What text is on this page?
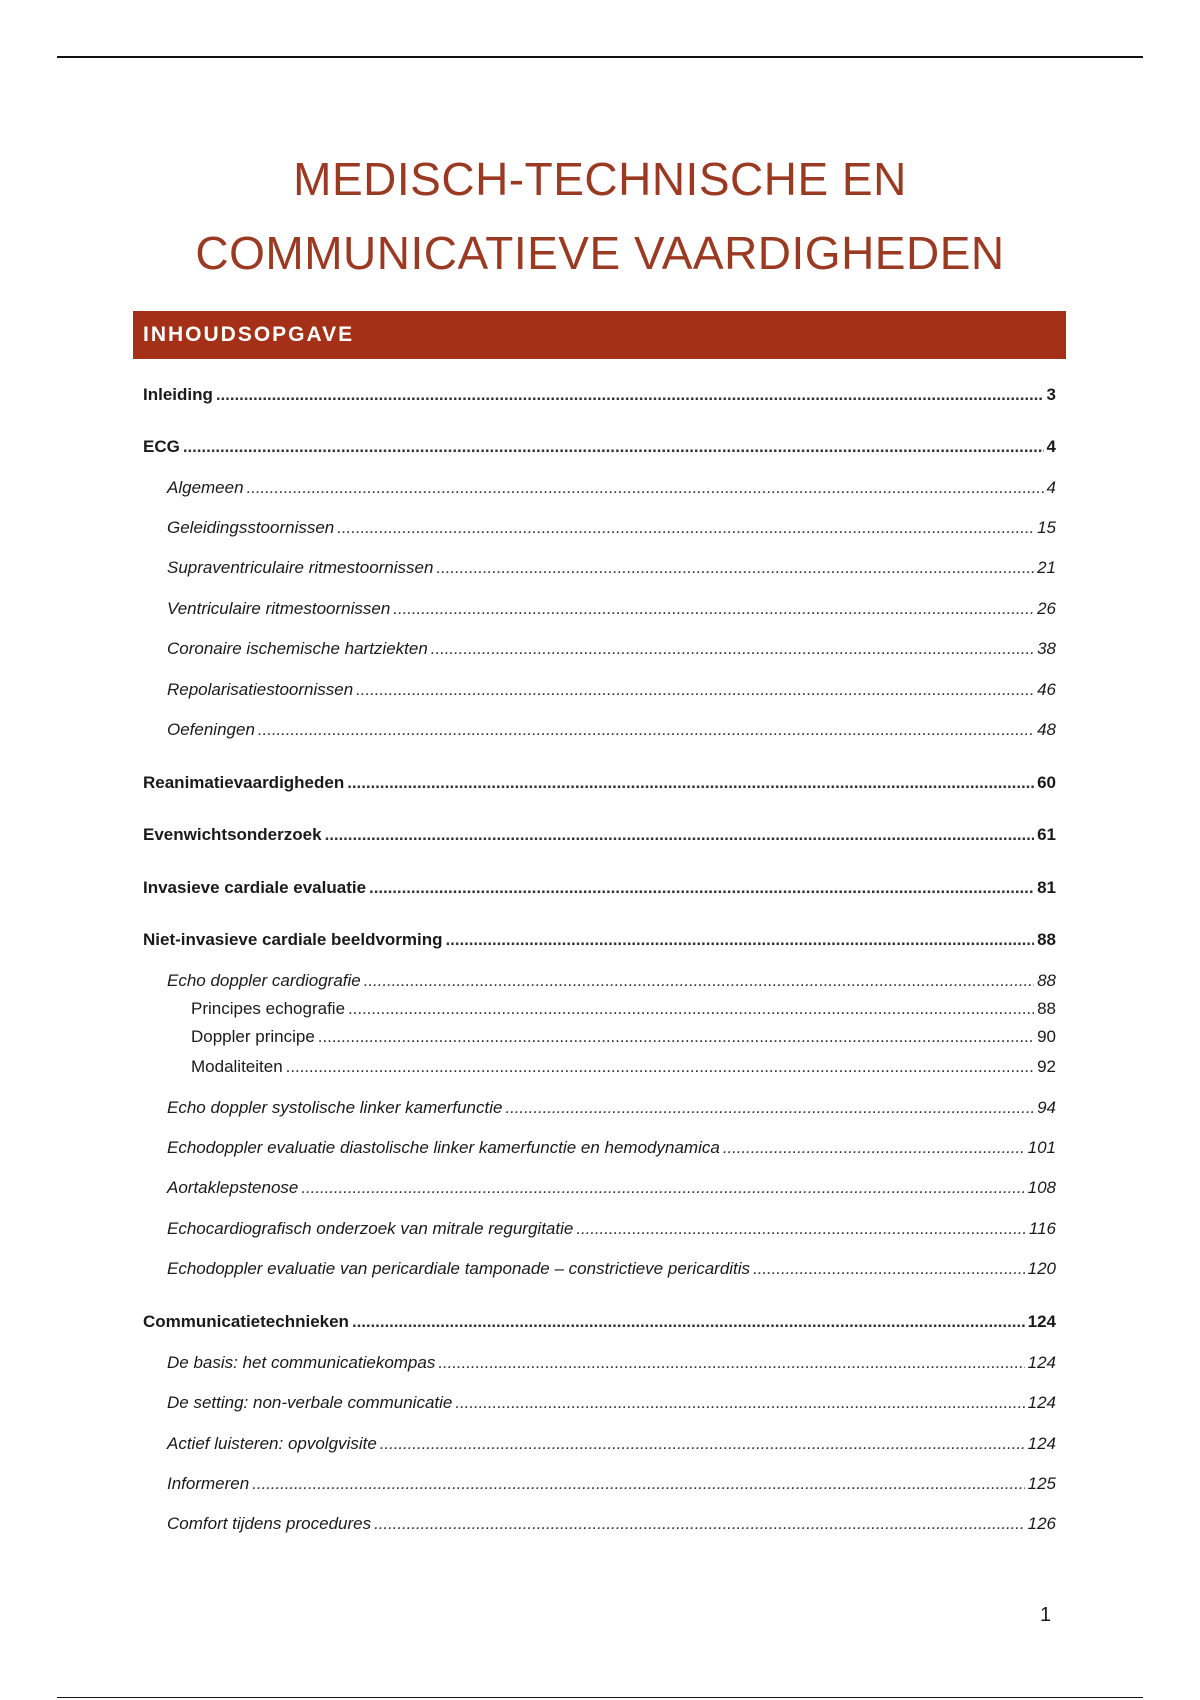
MEDISCH-TECHNISCHE EN
COMMUNICATIEVE VAARDIGHEDEN
INHOUDSOPGAVE
Inleiding . . .	3
ECG . . .	4
Algemeen . . .	4
Geleidingsstoornissen . . .	15
Supraventriculaire ritmestoornissen . . .	21
Ventriculaire ritmestoornissen . . .	26
Coronaire ischemische hartziekten . . .	38
Repolarisatiestoornissen . . .	46
Oefeningen . . .	48
Reanimatievaardigheden . . .	60
Evenwichtsonderzoek . . .	61
Invasieve cardiale evaluatie . . .	81
Niet-invasieve cardiale beeldvorming . . .	88
Echo doppler cardiografie . . .	88
Principes echografie . . .	88
Doppler principe . . .	90
Modaliteiten . . .	92
Echo doppler systolische linker kamerfunctie . . .	94
Echodoppler evaluatie diastolische linker kamerfunctie en hemodynamica . . .	101
Aortaklepstenose . . .	108
Echocardiografisch onderzoek van mitrale regurgitatie . . .	116
Echodoppler evaluatie van pericardiale tamponade – constrictieve pericarditis . . .	120
Communicatietechnieken . . .	124
De basis: het communicatiekompas . . .	124
De setting: non-verbale communicatie . . .	124
Actief luisteren: opvolgvisite . . .	124
Informeren . . .	125
Comfort tijdens procedures . . .	126
1
